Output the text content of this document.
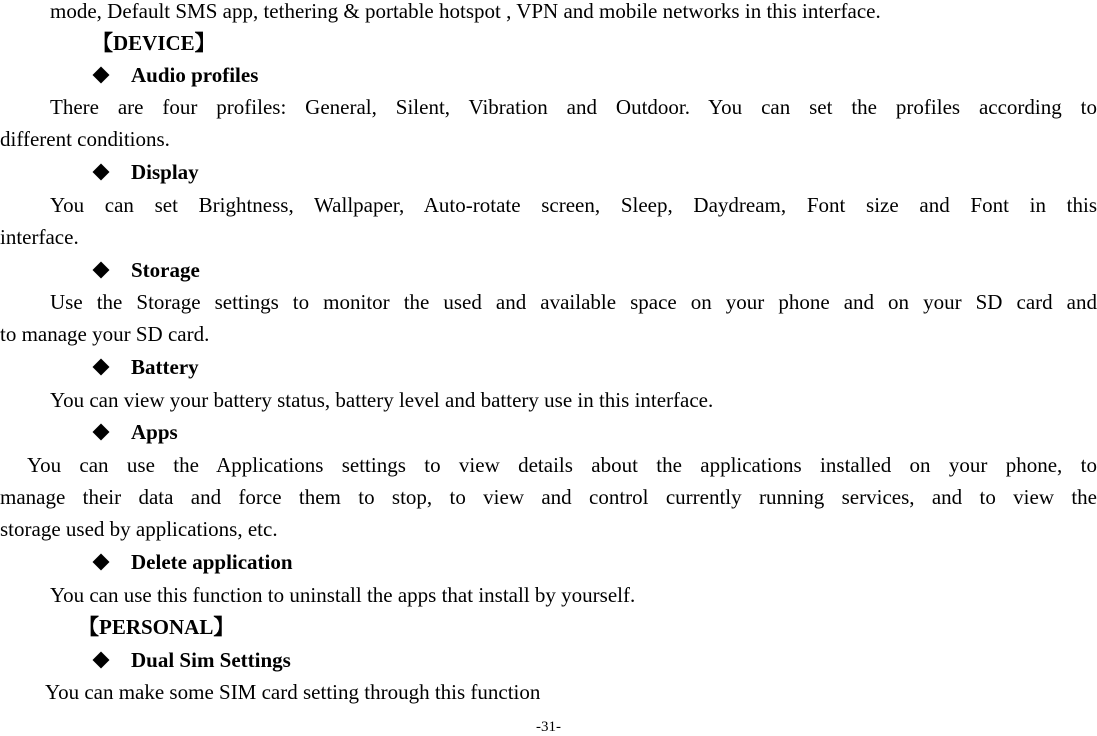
mode, Default SMS app, tethering & portable hotspot , VPN and mobile networks in this interface.
【DEVICE】
Audio profiles
There are four profiles: General, Silent, Vibration and Outdoor. You can set the profiles according to
different conditions.
Display
You can set Brightness, Wallpaper, Auto-rotate screen, Sleep, Daydream, Font size and Font in this
interface.
Storage
Use the Storage settings to monitor the used and available space on your phone and on your SD card and
to manage your SD card.
Battery
You can view your battery status, battery level and battery use in this interface.
Apps
You can use the Applications settings to view details about the applications installed on your phone, to
manage their data and force them to stop, to view and control currently running services, and to view the
storage used by applications, etc.
Delete application
You can use this function to uninstall the apps that install by yourself.
【PERSONAL】
Dual Sim Settings
You can make some SIM card setting through this function
-31-
